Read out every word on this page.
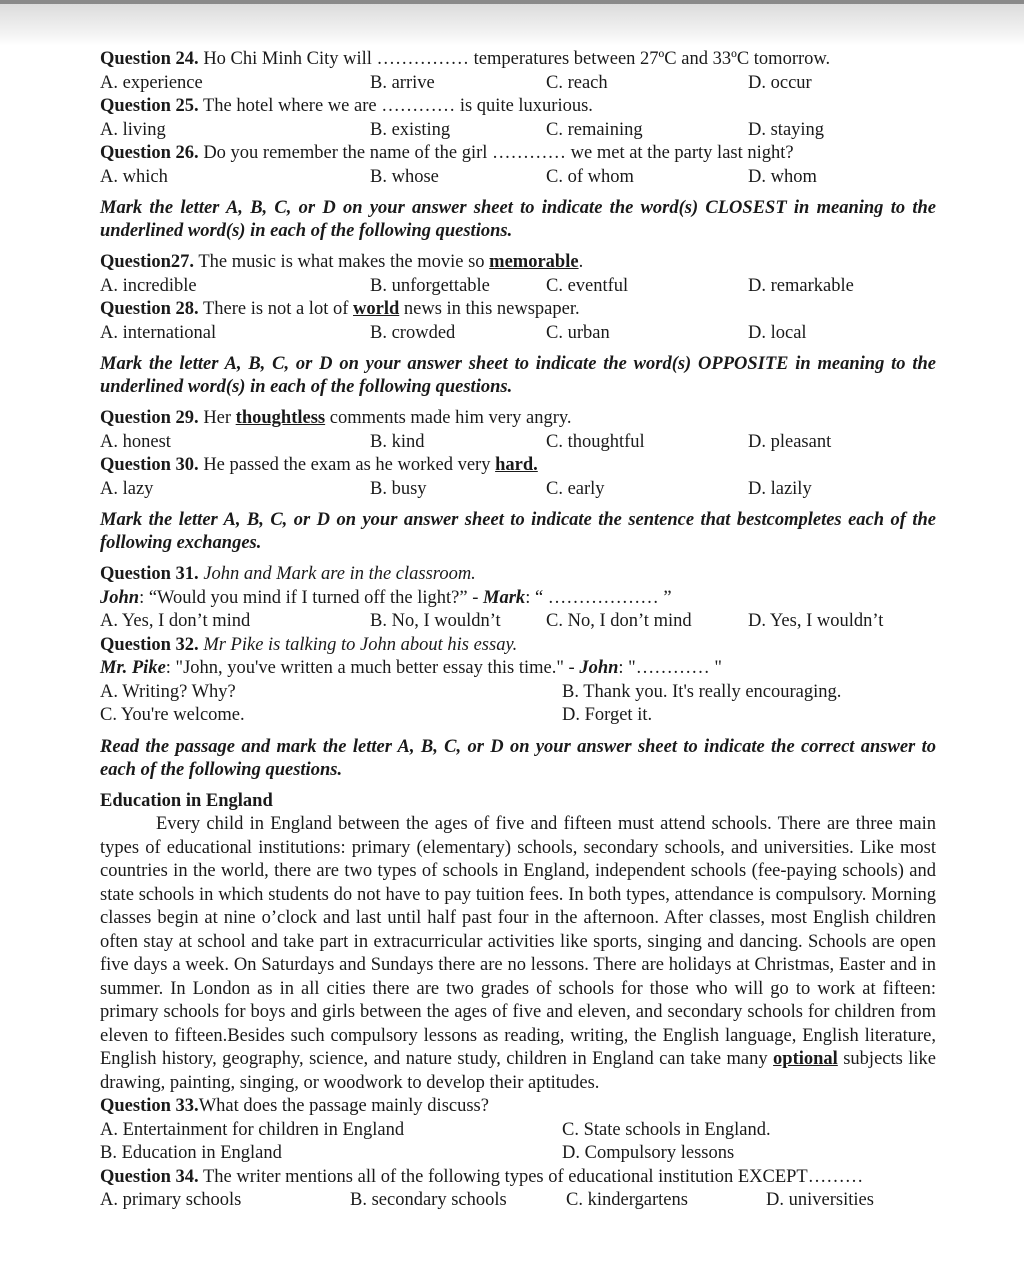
Question 24. Ho Chi Minh City will …………… temperatures between 27ºC and 33ºC tomorrow.
A. experience	B. arrive	C. reach	D. occur
Question 25. The hotel where we are ………… is quite luxurious.
A. living	B. existing	C. remaining	D. staying
Question 26. Do you remember the name of the girl ………… we met at the party last night?
A. which	B. whose	C. of whom	D. whom
Mark the letter A, B, C, or D on your answer sheet to indicate the word(s) CLOSEST in meaning to the underlined word(s) in each of the following questions.
Question27. The music is what makes the movie so memorable.
A. incredible	B. unforgettable	C. eventful	D. remarkable
Question 28. There is not a lot of world news in this newspaper.
A. international	B. crowded	C. urban	D. local
Mark the letter A, B, C, or D on your answer sheet to indicate the word(s) OPPOSITE in meaning to the underlined word(s) in each of the following questions.
Question 29. Her thoughtless comments made him very angry.
A. honest	B. kind	C. thoughtful	D. pleasant
Question 30. He passed the exam as he worked very hard.
A. lazy	B. busy	C. early	D. lazily
Mark the letter A, B, C, or D on your answer sheet to indicate the sentence that bestcompletes each of the following exchanges.
Question 31. John and Mark are in the classroom.
John: “Would you mind if I turned off the light?” - Mark: “ ……………… ”
A. Yes, I don’t mind	B. No, I wouldn’t C. No, I don’t mind	D. Yes, I wouldn’t
Question 32. Mr Pike is talking to John about his essay.
Mr. Pike: "John, you've written a much better essay this time." - John: "………… "
A. Writing? Why?	B. Thank you. It's really encouraging.
C. You're welcome.	D. Forget it.
Read the passage and mark the letter A, B, C, or D on your answer sheet to indicate the correct answer to each of the following questions.
Education in England
Every child in England between the ages of five and fifteen must attend schools. There are three main types of educational institutions: primary (elementary) schools, secondary schools, and universities. Like most countries in the world, there are two types of schools in England, independent schools (fee-paying schools) and state schools in which students do not have to pay tuition fees. In both types, attendance is compulsory. Morning classes begin at nine o’clock and last until half past four in the afternoon. After classes, most English children often stay at school and take part in extracurricular activities like sports, singing and dancing. Schools are open five days a week. On Saturdays and Sundays there are no lessons. There are holidays at Christmas, Easter and in summer. In London as in all cities there are two grades of schools for those who will go to work at fifteen: primary schools for boys and girls between the ages of five and eleven, and secondary schools for children from eleven to fifteen.Besides such compulsory lessons as reading, writing, the English language, English literature, English history, geography, science, and nature study, children in England can take many optional subjects like drawing, painting, singing, or woodwork to develop their aptitudes.
Question 33.What does the passage mainly discuss?
A. Entertainment for children in England	C. State schools in England.
B. Education in England	D. Compulsory lessons
Question 34. The writer mentions all of the following types of educational institution EXCEPT………
A. primary schools	B. secondary schools	C. kindergartens	D. universities
